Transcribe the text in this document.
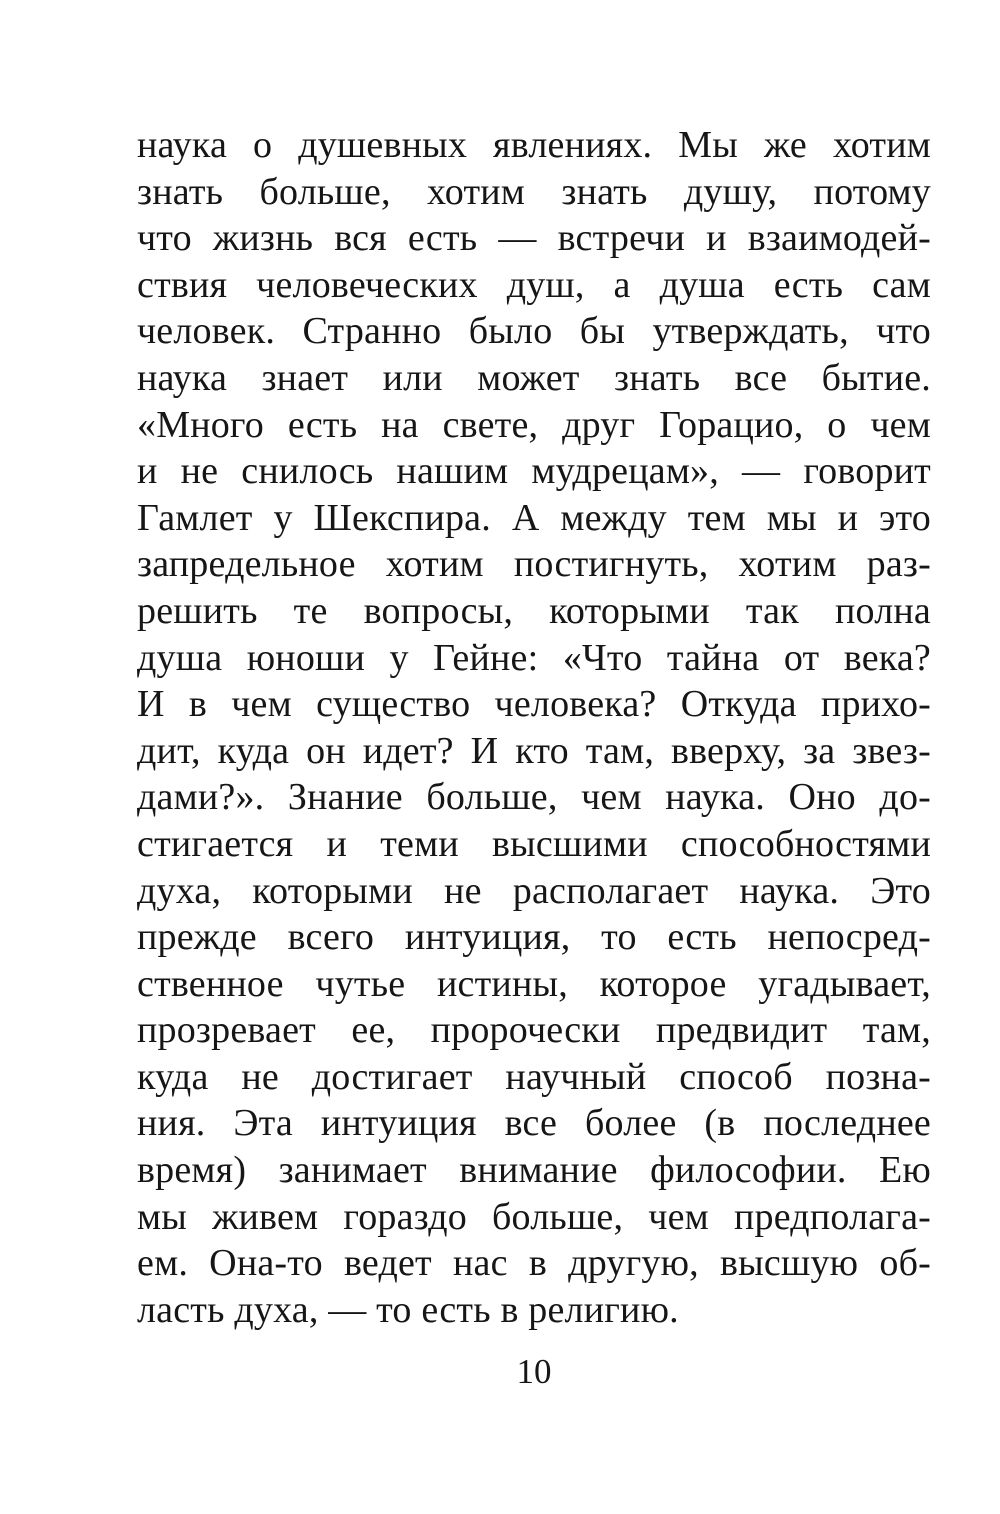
наука о душевных явлениях. Мы же хотим
знать больше, хотим знать душу, потому
что жизнь вся есть — встречи и взаимодей-
ствия человеческих душ, а душа есть сам
человек. Странно было бы утверждать, что
наука знает или может знать все бытие.
«Много есть на свете, друг Горацио, о чем
и не снилось нашим мудрецам», — говорит
Гамлет у Шекспира. А между тем мы и это
запредельное хотим постигнуть, хотим раз-
решить те вопросы, которыми так полна
душа юноши у Гейне: «Что тайна от века?
И в чем существо человека? Откуда прихо-
дит, куда он идет? И кто там, вверху, за звез-
дами?». Знание больше, чем наука. Оно до-
стигается и теми высшими способностями
духа, которыми не располагает наука. Это
прежде всего интуиция, то есть непосред-
ственное чутье истины, которое угадывает,
прозревает ее, пророчески предвидит там,
куда не достигает научный способ позна-
ния. Эта интуиция все более (в последнее
время) занимает внимание философии. Ею
мы живем гораздо больше, чем предполага-
ем. Она-то ведет нас в другую, высшую об-
ласть духа, — то есть в религию.
10
